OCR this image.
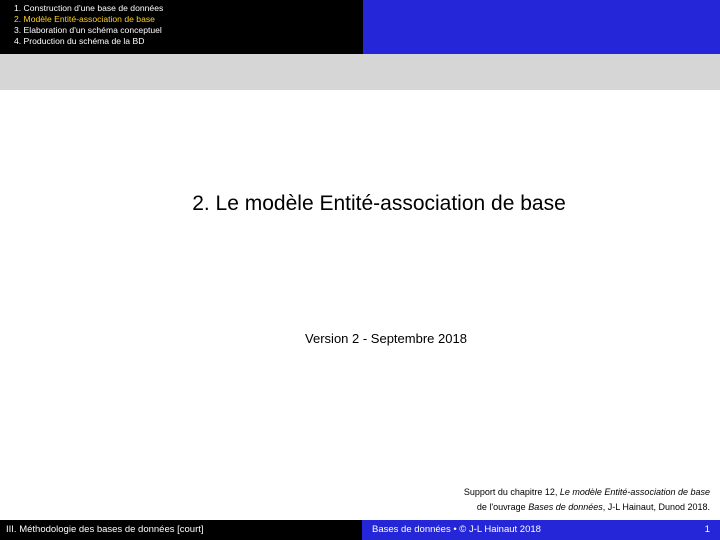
1. Construction d'une base de données
2. Modèle Entité-association de base
3. Elaboration d'un schéma conceptuel
4. Production du schéma de la BD
2. Le modèle Entité-association de base
Version 2 - Septembre 2018
Support du chapitre 12, Le modèle Entité-association de base
de l'ouvrage Bases de données, J-L Hainaut, Dunod 2018.
III. Méthodologie des bases de données [court]	Bases de données • © J-L Hainaut 2018	1
